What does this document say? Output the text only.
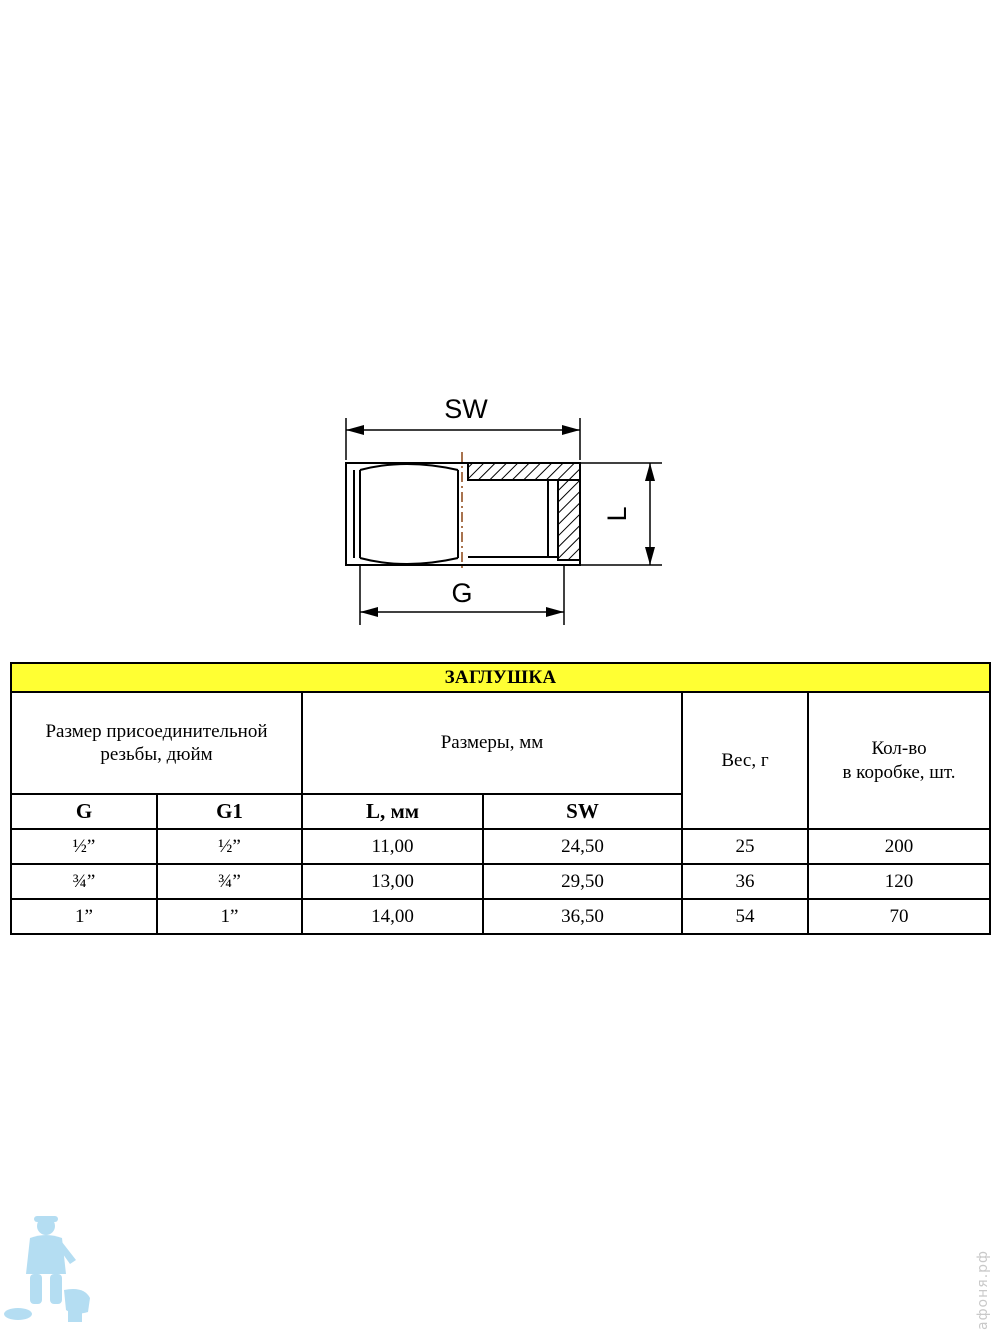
SW
L
G
ЗАГЛУШКА					
Размер присоединительной резьбы, дюйм		Размеры, мм		Вес, г	Кол-во
в коробке, шт.
G	G1	L, мм	SW		
½”	½”	11,00	24,50	25	200
¾”	¾”	13,00	29,50	36	120
1”	1”	14,00	36,50	54	70
афоня.рф
